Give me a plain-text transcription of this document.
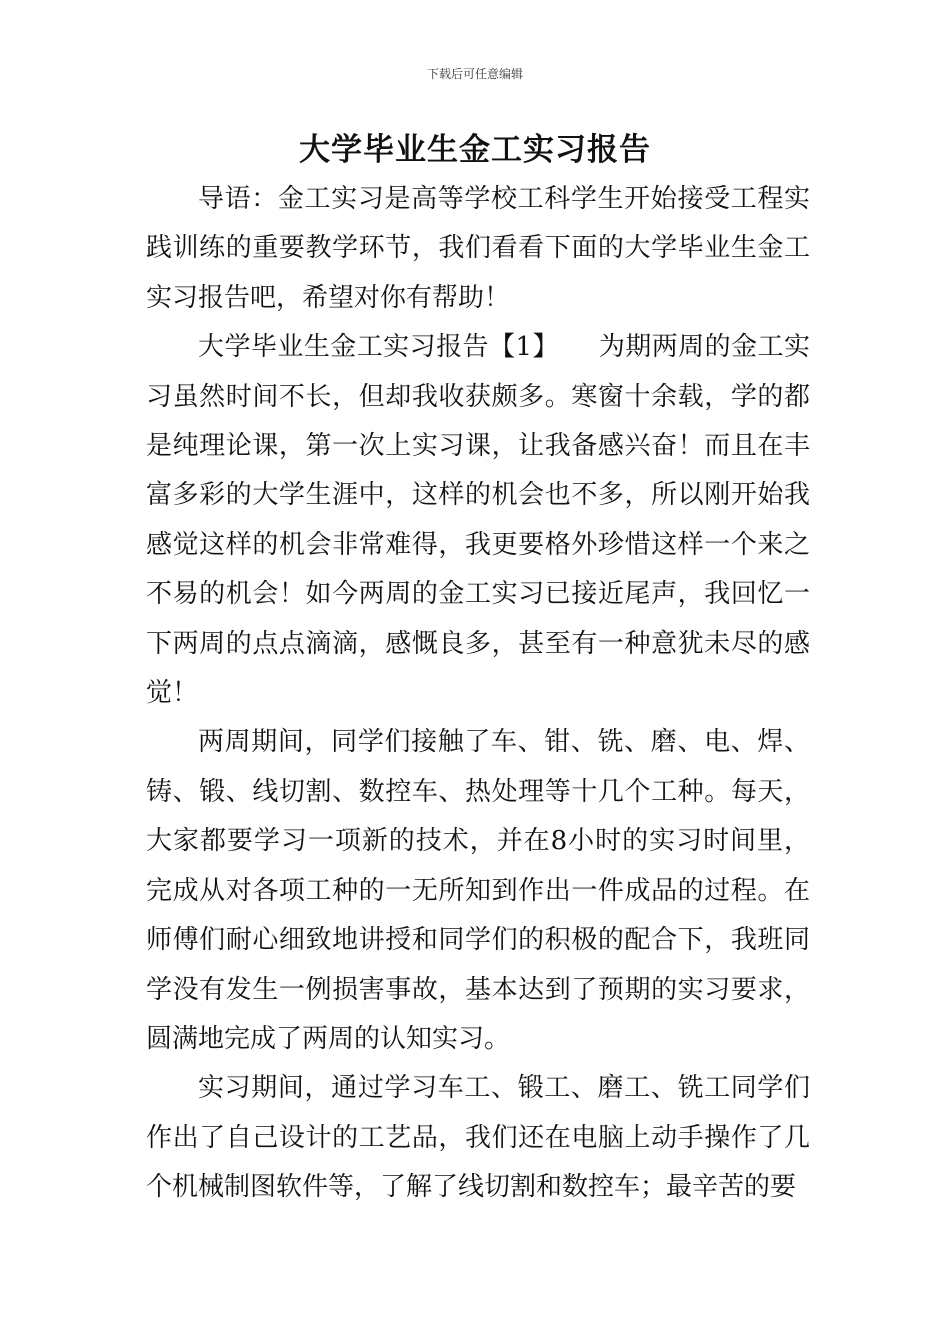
下载后可任意编辑
大学毕业生金工实习报告

导语：金工实习是高等学校工科学生开始接受工程实践训练的重要教学环节，我们看看下面的大学毕业生金工实习报告吧，希望对你有帮助！

大学毕业生金工实习报告【1】　　为期两周的金工实习虽然时间不长，但却我收获颇多。寒窗十余载，学的都是纯理论课，第一次上实习课，让我备感兴奋！而且在丰富多彩的大学生涯中，这样的机会也不多，所以刚开始我感觉这样的机会非常难得，我更要格外珍惜这样一个来之不易的机会！如今两周的金工实习已接近尾声，我回忆一下两周的点点滴滴，感慨良多，甚至有一种意犹未尽的感觉！

两周期间，同学们接触了车、钳、铣、磨、电、焊、铸、锻、线切割、数控车、热处理等十几个工种。每天，大家都要学习一项新的技术，并在8小时的实习时间里，完成从对各项工种的一无所知到作出一件成品的过程。在师傅们耐心细致地讲授和同学们的积极的配合下，我班同学没有发生一例损害事故，基本达到了预期的实习要求，圆满地完成了两周的认知实习。

实习期间，通过学习车工、锻工、磨工、铣工同学们作出了自己设计的工艺品，我们还在电脑上动手操作了几个机械制图软件等，了解了线切割和数控车；最辛苦的要
